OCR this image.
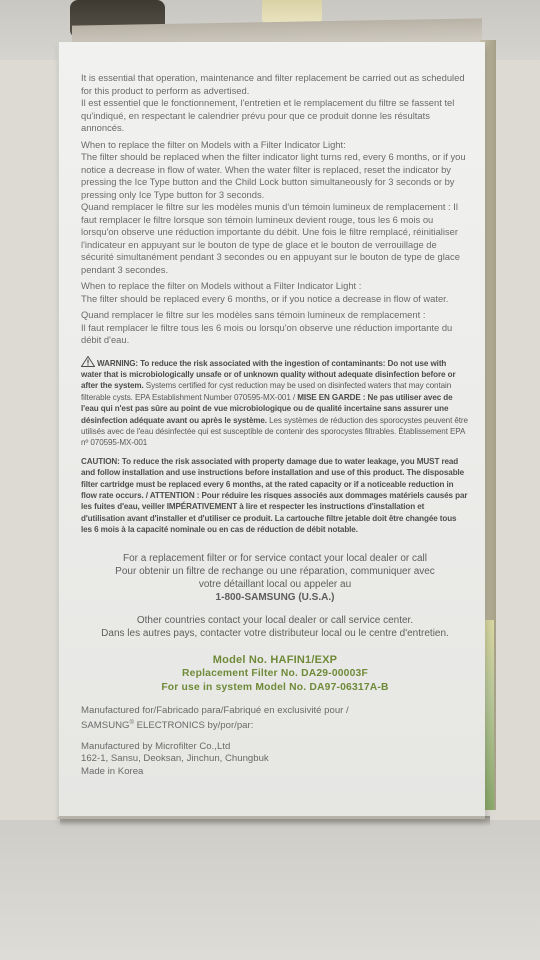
It is essential that operation, maintenance and filter replacement be carried out as scheduled for this product to perform as advertised.

Il est essentiel que le fonctionnement, l'entretien et le remplacement du filtre se fassent tel qu'indiqué, en respectant le calendrier prévu pour que ce produit donne les résultats annoncés.

When to replace the filter on Models with a Filter Indicator Light:

The filter should be replaced when the filter indicator light turns red, every 6 months, or if you notice a decrease in flow of water. When the water filter is replaced, reset the indicator by pressing the Ice Type button and the Child Lock button simultaneously for 3 seconds or by pressing only Ice Type button for 3 seconds.

Quand remplacer le filtre sur les modèles munis d'un témoin lumineux de remplacement : Il faut remplacer le filtre lorsque son témoin lumineux devient rouge, tous les 6 mois ou lorsqu'on observe une réduction importante du débit. Une fois le filtre remplacé, réinitialiser l'indicateur en appuyant sur le bouton de type de glace et le bouton de verrouillage de sécurité simultanément pendant 3 secondes ou en appuyant sur le bouton de type de glace pendant 3 secondes.

When to replace the filter on Models without a Filter Indicator Light :

The filter should be replaced every 6 months, or if you notice a decrease in flow of water.

Quand remplacer le filtre sur les modèles sans témoin lumineux de remplacement :

Il faut remplacer le filtre tous les 6 mois ou lorsqu'on observe une réduction importante du débit d'eau.

WARNING: To reduce the risk associated with the ingestion of contaminants: Do not use with water that is microbiologically unsafe or of unknown quality without adequate disinfection before or after the system. Systems certified for cyst reduction may be used on disinfected waters that may contain filterable cysts. EPA Establishment Number 070595-MX-001 / MISE EN GARDE : Ne pas utiliser avec de l'eau qui n'est pas sûre au point de vue microbiologique ou de qualité incertaine sans assurer une désinfection adéquate avant ou après le système. Les systèmes de réduction des sporocystes peuvent être utilisés avec de l'eau désinfectée qui est susceptible de contenir des sporocystes filtrables. Établissement EPA nº 070595-MX-001

CAUTION: To reduce the risk associated with property damage due to water leakage, you MUST read and follow installation and use instructions before installation and use of this product. The disposable filter cartridge must be replaced every 6 months, at the rated capacity or if a noticeable reduction in flow rate occurs. / ATTENTION : Pour réduire les risques associés aux dommages matériels causés par les fuites d'eau, veiller IMPÉRATIVEMENT à lire et respecter les instructions d'installation et d'utilisation avant d'installer et d'utiliser ce produit. La cartouche filtre jetable doit être changée tous les 6 mois à la capacité nominale ou en cas de réduction de débit notable.

For a replacement filter or for service contact your local dealer or call

Pour obtenir un filtre de rechange ou une réparation, communiquer avec

votre détaillant local ou appeler au

1-800-SAMSUNG (U.S.A.)

Other countries contact your local dealer or call service center.

Dans les autres pays, contacter votre distributeur local ou le centre d'entretien.

Model No. HAFIN1/EXP

Replacement Filter No. DA29-00003F

For use in system Model No. DA97-06317A-B

Manufactured for/Fabricado para/Fabriqué en exclusivité pour /

SAMSUNG® ELECTRONICS by/por/par:

Manufactured by Microfilter Co.,Ltd

162-1, Sansu, Deoksan, Jinchun, Chungbuk

Made in Korea
